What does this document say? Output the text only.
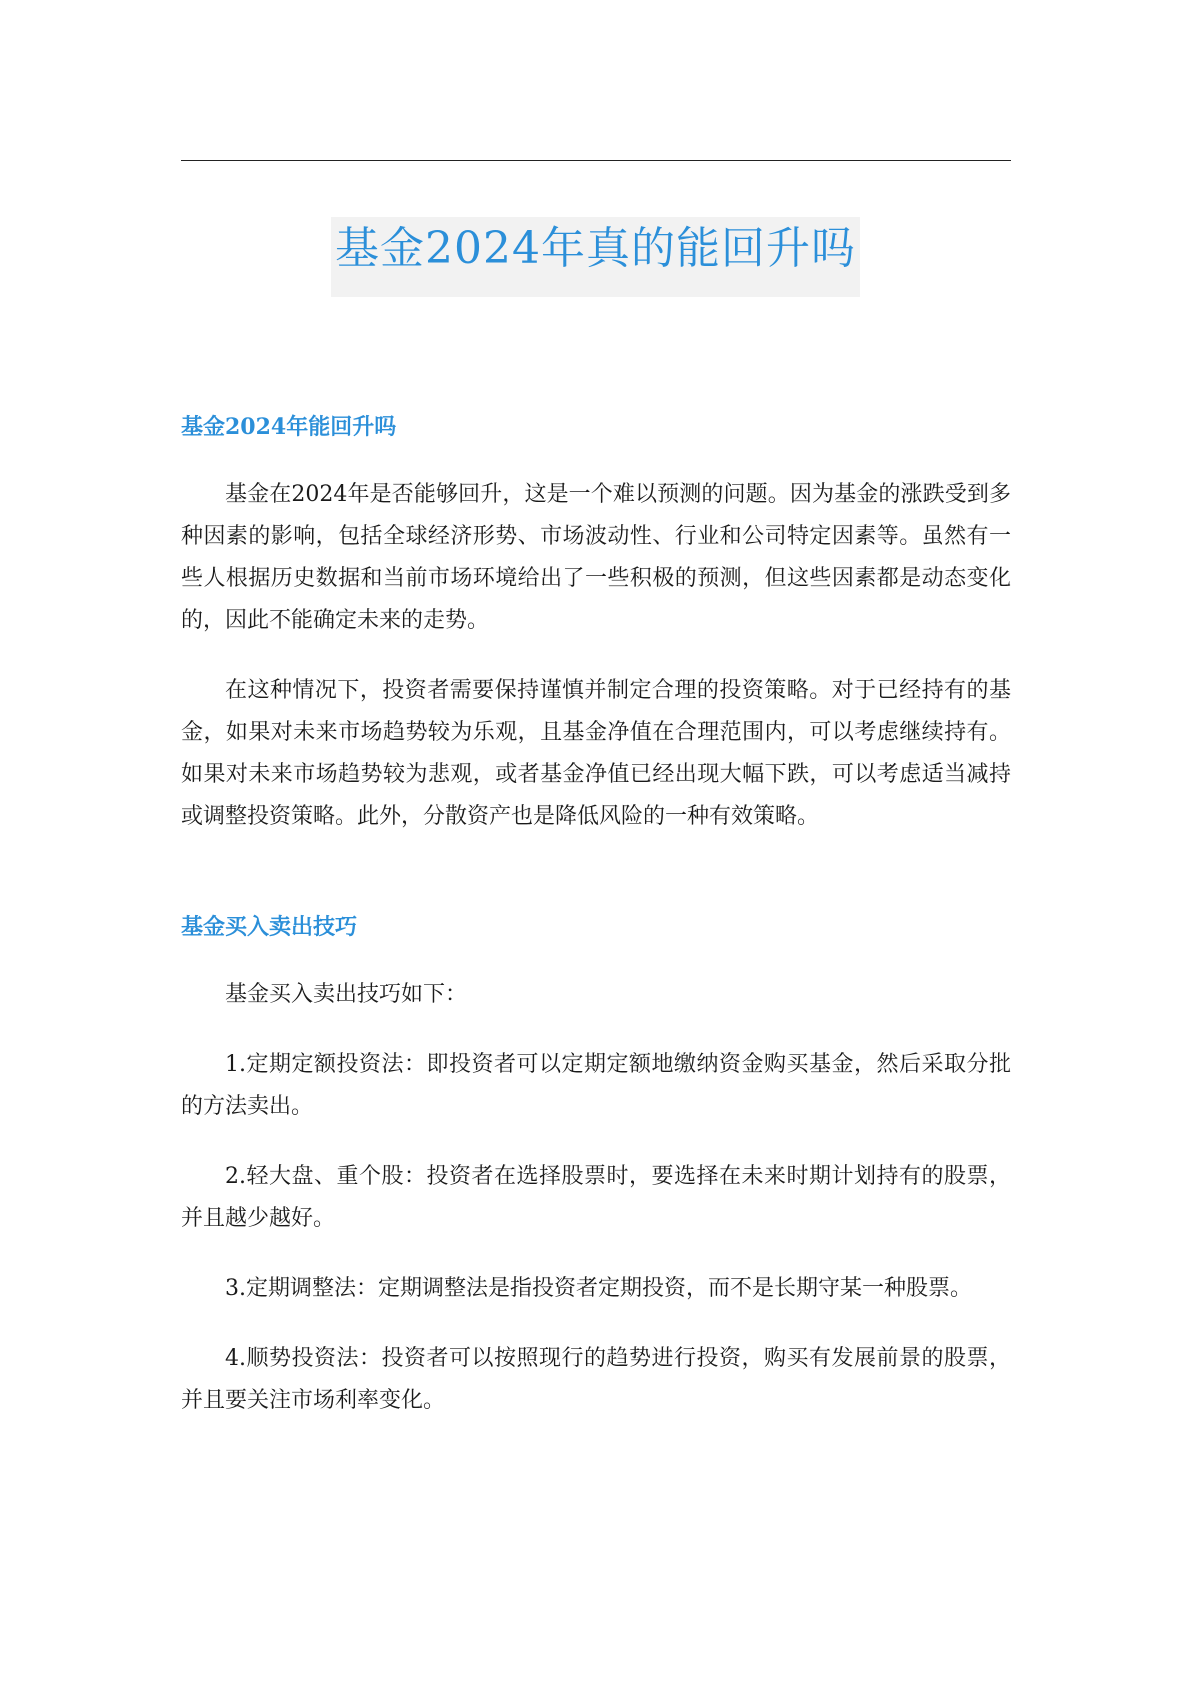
基金2024年真的能回升吗
基金2024年能回升吗

基金在2024年是否能够回升，这是一个难以预测的问题。因为基金的涨跌受到多种因素的影响，包括全球经济形势、市场波动性、行业和公司特定因素等。虽然有一些人根据历史数据和当前市场环境给出了一些积极的预测，但这些因素都是动态变化的，因此不能确定未来的走势。

在这种情况下，投资者需要保持谨慎并制定合理的投资策略。对于已经持有的基金，如果对未来市场趋势较为乐观，且基金净值在合理范围内，可以考虑继续持有。如果对未来市场趋势较为悲观，或者基金净值已经出现大幅下跌，可以考虑适当减持或调整投资策略。此外，分散资产也是降低风险的一种有效策略。

基金买入卖出技巧

基金买入卖出技巧如下：

1.定期定额投资法：即投资者可以定期定额地缴纳资金购买基金，然后采取分批的方法卖出。

2.轻大盘、重个股：投资者在选择股票时，要选择在未来时期计划持有的股票，并且越少越好。

3.定期调整法：定期调整法是指投资者定期投资，而不是长期守某一种股票。

4.顺势投资法：投资者可以按照现行的趋势进行投资，购买有发展前景的股票，并且要关注市场利率变化。
